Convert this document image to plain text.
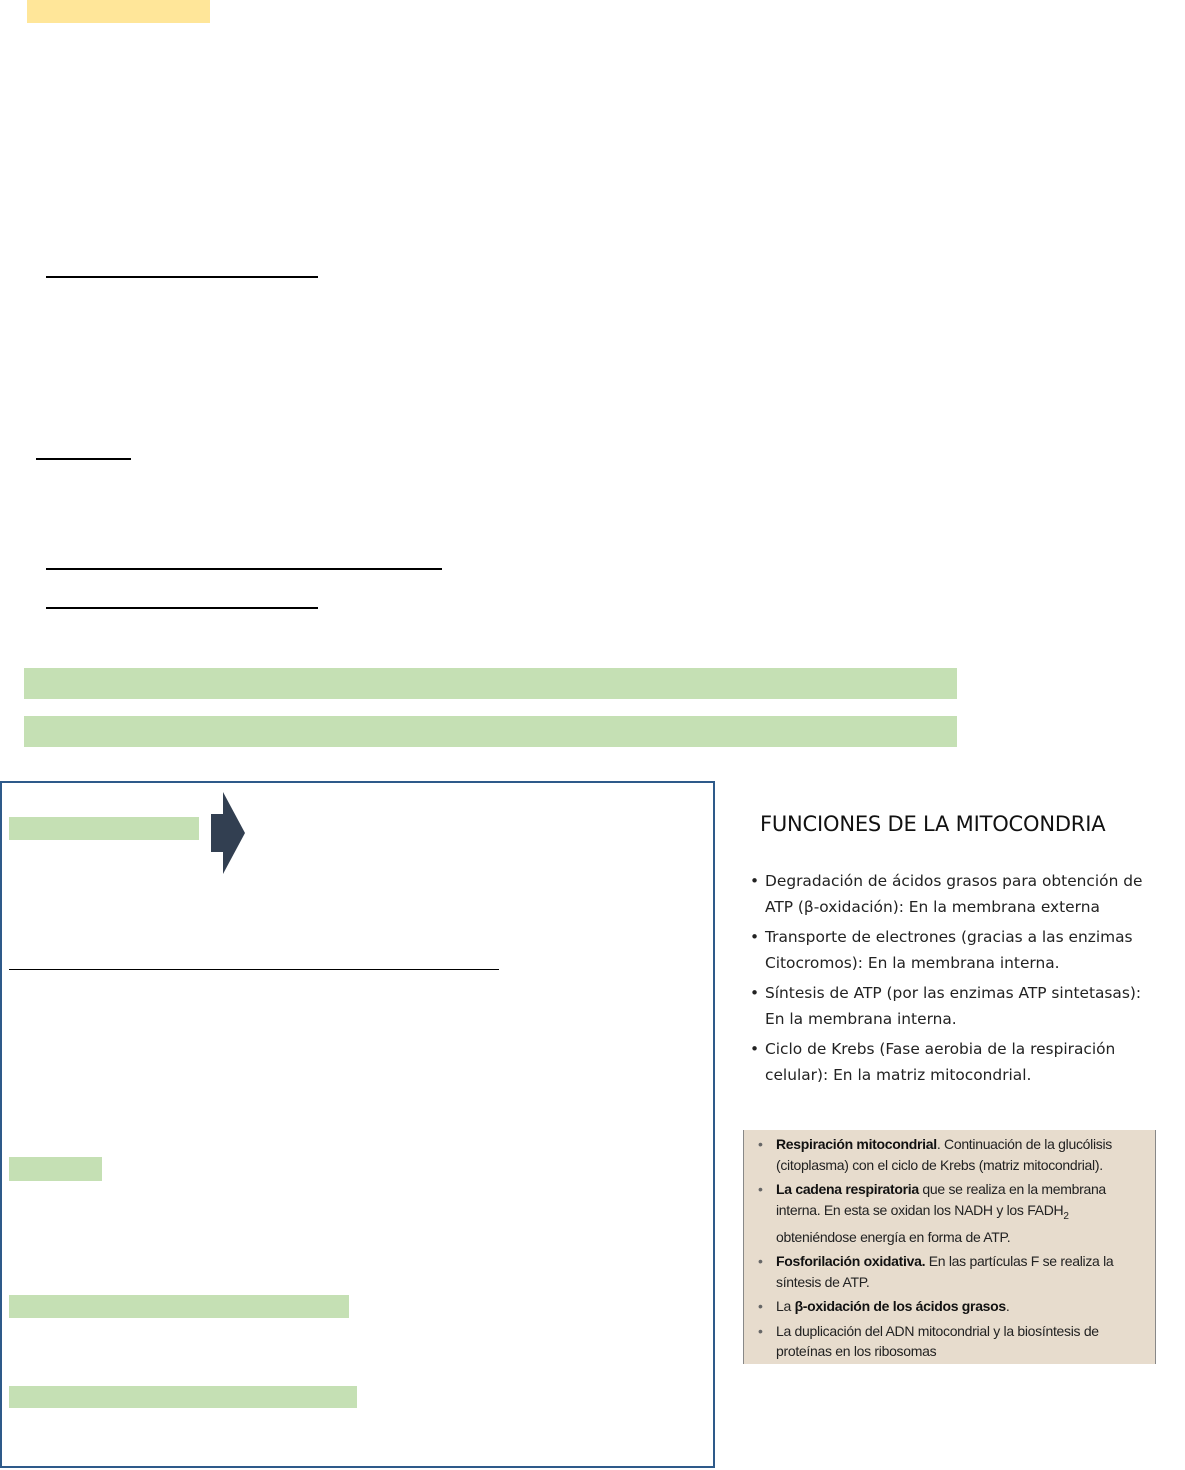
FUNCIONES DE LA MITOCONDRIA
• Degradación de ácidos grasos para obtención de ATP (β-oxidación): En la membrana externa
• Transporte de electrones (gracias a las enzimas Citocromos): En la membrana interna.
• Síntesis de ATP (por las enzimas ATP sintetasas): En la membrana interna.
• Ciclo de Krebs (Fase aerobia de la respiración celular): En la matriz mitocondrial.
• Respiración mitocondrial. Continuación de la glucólisis (citoplasma) con el ciclo de Krebs (matriz mitocondrial).
• La cadena respiratoria que se realiza en la membrana interna. En esta se oxidan los NADH y los $FADH_2$ obteniéndose energía en forma de ATP.
• Fosforilación oxidativa. En las partículas F se realiza la síntesis de ATP.
• La β-oxidación de los ácidos grasos.
• La duplicación del ADN mitocondrial y la biosíntesis de proteínas en los ribosomas
